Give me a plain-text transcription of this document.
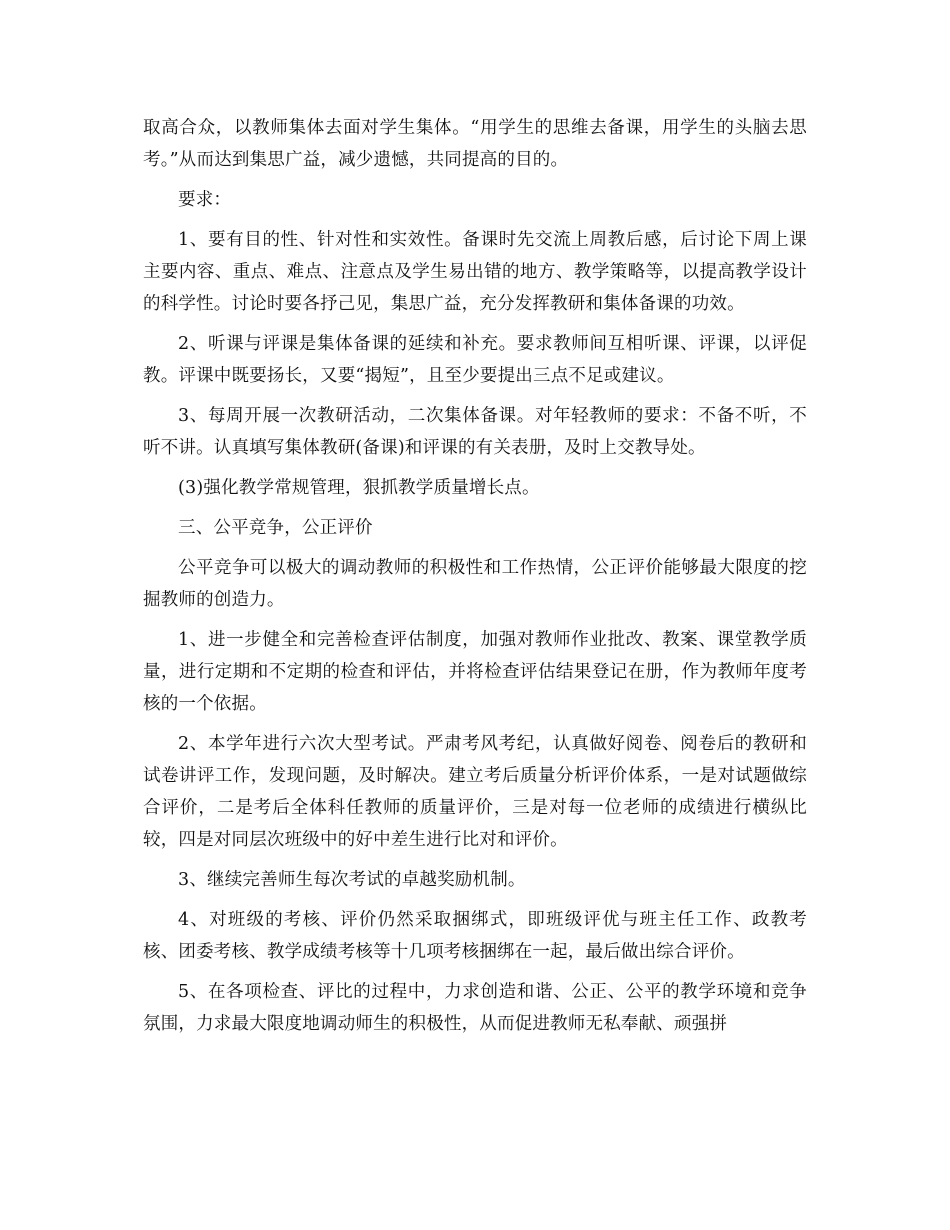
取高合众，以教师集体去面对学生集体。“用学生的思维去备课，用学生的头脑去思考。”从而达到集思广益，减少遗憾，共同提高的目的。

要求：

1、要有目的性、针对性和实效性。备课时先交流上周教后感，后讨论下周上课主要内容、重点、难点、注意点及学生易出错的地方、教学策略等，以提高教学设计的科学性。讨论时要各抒己见，集思广益，充分发挥教研和集体备课的功效。

2、听课与评课是集体备课的延续和补充。要求教师间互相听课、评课，以评促教。评课中既要扬长，又要“揭短”，且至少要提出三点不足或建议。

3、每周开展一次教研活动，二次集体备课。对年轻教师的要求：不备不听，不听不讲。认真填写集体教研(备课)和评课的有关表册，及时上交教导处。

(3)强化教学常规管理，狠抓教学质量增长点。

三、公平竞争，公正评价

公平竞争可以极大的调动教师的积极性和工作热情，公正评价能够最大限度的挖掘教师的创造力。

1、进一步健全和完善检查评估制度，加强对教师作业批改、教案、课堂教学质量，进行定期和不定期的检查和评估，并将检查评估结果登记在册，作为教师年度考核的一个依据。

2、本学年进行六次大型考试。严肃考风考纪，认真做好阅卷、阅卷后的教研和试卷讲评工作，发现问题，及时解决。建立考后质量分析评价体系，一是对试题做综合评价，二是考后全体科任教师的质量评价，三是对每一位老师的成绩进行横纵比较，四是对同层次班级中的好中差生进行比对和评价。

3、继续完善师生每次考试的卓越奖励机制。

4、对班级的考核、评价仍然采取捆绑式，即班级评优与班主任工作、政教考核、团委考核、教学成绩考核等十几项考核捆绑在一起，最后做出综合评价。

5、在各项检查、评比的过程中，力求创造和谐、公正、公平的教学环境和竞争氛围，力求最大限度地调动师生的积极性，从而促进教师无私奉献、顽强拼
